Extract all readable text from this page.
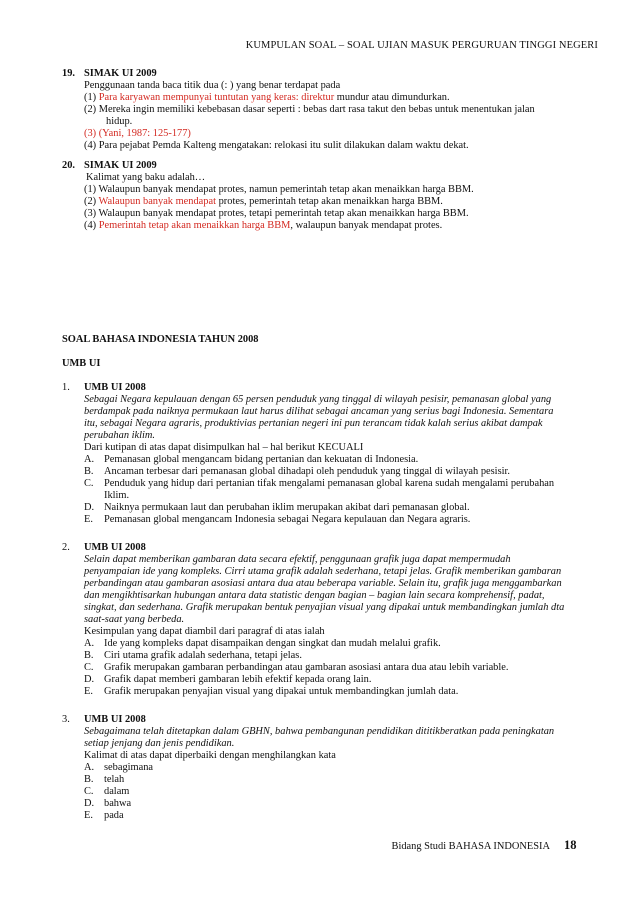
KUMPULAN SOAL – SOAL UJIAN MASUK PERGURUAN TINGGI NEGERI
19. SIMAK UI 2009
Penggunaan tanda baca titik dua (: ) yang benar terdapat pada
(1) Para karyawan mempunyai tuntutan yang keras: direktur mundur atau dimundurkan.
(2) Mereka ingin memiliki kebebasan dasar seperti : bebas dart rasa takut den bebas untuk menentukan jalan
hidup.
(3) (Yani, 1987: 125-177)
(4) Para pejabat Pemda Kalteng mengatakan: relokasi itu sulit dilakukan dalam waktu dekat.
20. SIMAK UI 2009
Kalimat yang baku adalah…
(1) Walaupun banyak mendapat protes, namun pemerintah tetap akan menaikkan harga BBM.
(2) Walaupun banyak mendapat protes, pemerintah tetap akan menaikkan harga BBM.
(3) Walaupun banyak mendapat protes, tetapi pemerintah tetap akan menaikkan harga BBM.
(4) Pemerintah tetap akan menaikkan harga BBM, walaupun banyak mendapat protes.
SOAL BAHASA INDONESIA TAHUN 2008
UMB UI
1. UMB UI 2008
Sebagai Negara kepulauan dengan 65 persen penduduk yang tinggal di wilayah pesisir, pemanasan global yang
berdampak pada naiknya permukaan laut harus dilihat sebagai ancaman yang serius bagi Indonesia. Sementara
itu, sebagai Negara agraris, produktivias pertanian negeri ini pun terancam tidak kalah serius akibat dampak
perubahan iklim.
Dari kutipan di atas dapat disimpulkan hal – hal berikut KECUALI
A. Pemanasan global mengancam bidang pertanian dan kekuatan di Indonesia.
B. Ancaman terbesar dari pemanasan global dihadapi oleh penduduk yang tinggal di wilayah pesisir.
C. Penduduk yang hidup dari pertanian tifak mengalami pemanasan global karena sudah mengalami perubahan
Iklim.
D. Naiknya permukaan laut dan perubahan iklim merupakan akibat dari pemanasan global.
E. Pemanasan global mengancam Indonesia sebagai Negara kepulauan dan Negara agraris.
2. UMB UI 2008
Selain dapat memberikan gambaran data secara efektif, penggunaan grafik juga dapat mempermudah
penyampaian ide yang kompleks. Cirri utama grafik adalah sederhana, tetapi jelas. Grafik memberikan gambaran
perbandingan atau gambaran asosiasi antara dua atau beberapa variable. Selain itu, grafik juga menggambarkan
dan mengikhtisarkan hubungan antara data statistic dengan bagian – bagian lain secara komprehensif, padat,
singkat, dan sederhana. Grafik merupakan bentuk penyajian visual yang dipakai untuk membandingkan jumlah dta
saat-saat yang berbeda.
Kesimpulan yang dapat diambil dari paragraf di atas ialah
A. Ide yang kompleks dapat disampaikan dengan singkat dan mudah melalui grafik.
B. Ciri utama grafik adalah sederhana, tetapi jelas.
C. Grafik merupakan gambaran perbandingan atau gambaran asosiasi antara dua atau lebih variable.
D. Grafik dapat memberi gambaran lebih efektif kepada orang lain.
E. Grafik merupakan penyajian visual yang dipakai untuk membandingkan jumlah data.
3. UMB UI 2008
Sebagaimana telah ditetapkan dalam GBHN, bahwa pembangunan pendidikan dititikberatkan pada peningkatan
setiap jenjang dan jenis pendidikan.
Kalimat di atas dapat diperbaiki dengan menghilangkan kata
A. sebagimana
B. telah
C. dalam
D. bahwa
E. pada
Bidang Studi BAHASA INDONESIA 18
